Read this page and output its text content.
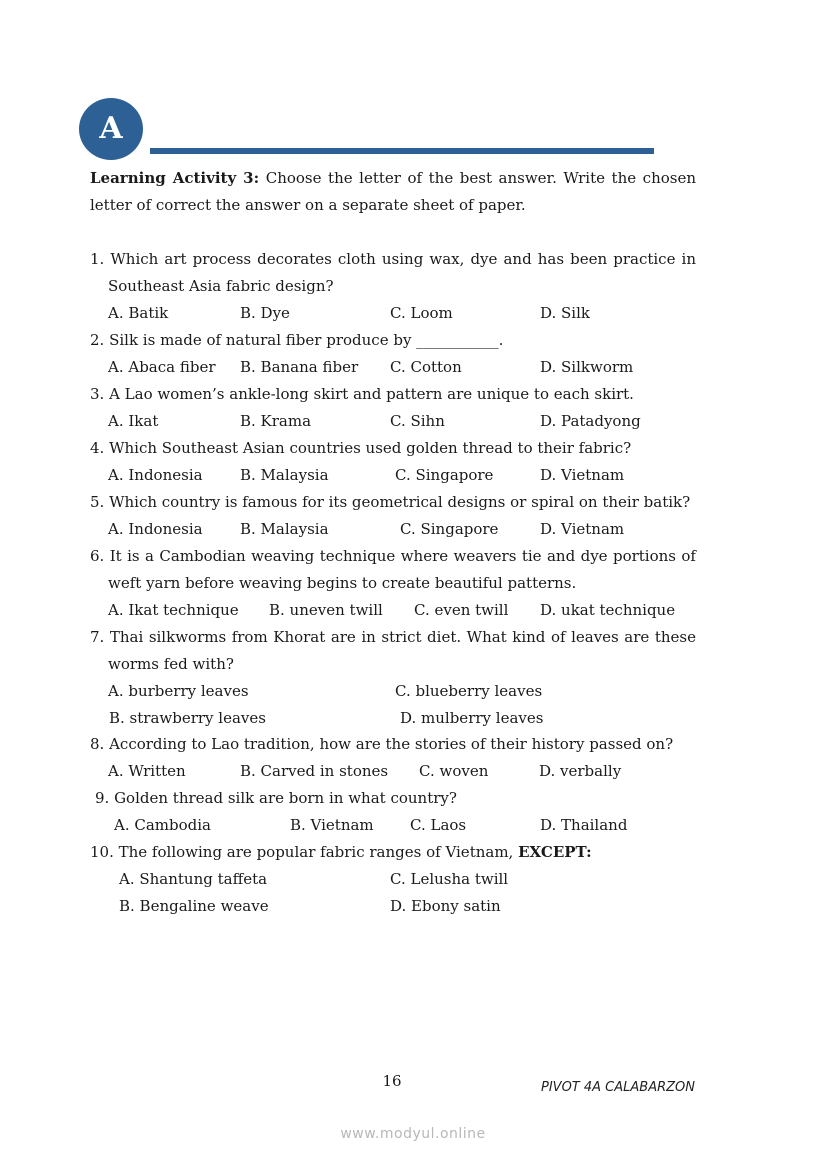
A
Learning Activity 3: Choose the letter of the best answer. Write the chosen letter of correct the answer on a separate sheet of paper.
1. Which art process decorates cloth using wax, dye and has been practice in
Southeast Asia fabric design?
A. Batik	B. Dye	C. Loom	D. Silk
2. Silk is made of natural fiber produce by ___________.
A. Abaca fiber B. Banana fiber C. Cotton	D. Silkworm
3. A Lao women’s ankle-long skirt and pattern are unique to each skirt.
A. Ikat	B. Krama	C. Sihn	D. Patadyong
4. Which Southeast Asian countries used golden thread to their fabric?
A. Indonesia B. Malaysia	C. Singapore	D. Vietnam
5. Which country is famous for its geometrical designs or spiral on their batik?
A. Indonesia B. Malaysia	C. Singapore	D. Vietnam
6. It is a Cambodian weaving technique where weavers tie and dye portions of
weft yarn before weaving begins to create beautiful patterns.
A. Ikat technique B. uneven twill C. even twill D. ukat technique
7. Thai silkworms from Khorat are in strict diet. What kind of leaves are these
worms fed with?
A. burberry leaves	C. blueberry leaves
B. strawberry leaves	D. mulberry leaves
8. According to Lao tradition, how are the stories of their history passed on?
A. Written	B. Carved in stones C. woven	D. verbally
9. Golden thread silk are born in what country?
A. Cambodia	B. Vietnam C. Laos	D. Thailand
10. The following are popular fabric ranges of Vietnam, EXCEPT:
A. Shantung taffeta	C. Lelusha twill
B. Bengaline weave	D. Ebony satin
16	PIVOT 4A CALABARZON
www.modyul.online
